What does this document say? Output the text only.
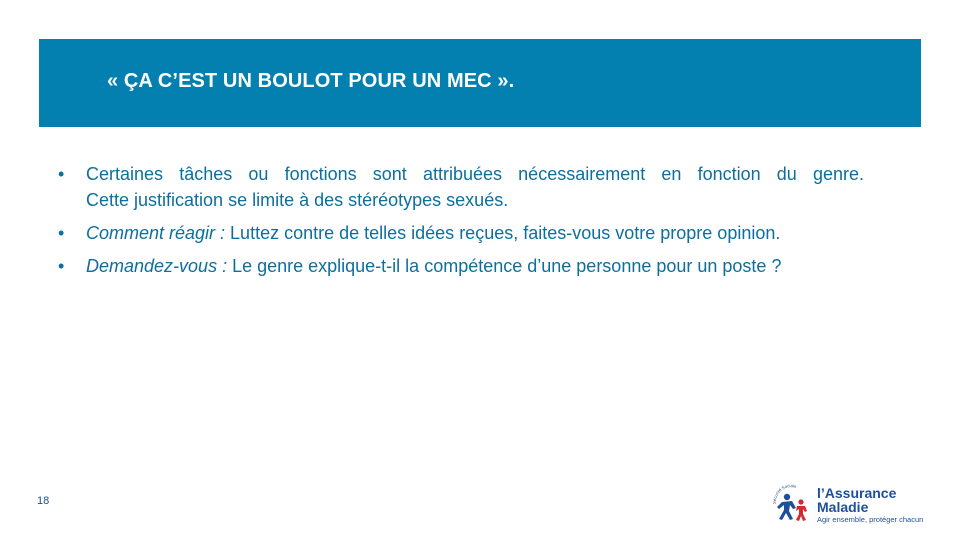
« ÇA C’EST UN BOULOT POUR UN MEC ».
• Certaines tâches ou fonctions sont attribuées nécessairement en fonction du genre.
Cette justification se limite à des stéréotypes sexués.
• Comment réagir : Luttez contre de telles idées reçues, faites-vous votre propre opinion.
• Demandez-vous : Le genre explique-t-il la compétence d’une personne pour un poste ?
18	Sécurité Sociale l’Assurance
Maladie
Agir ensemble, protéger chacun
